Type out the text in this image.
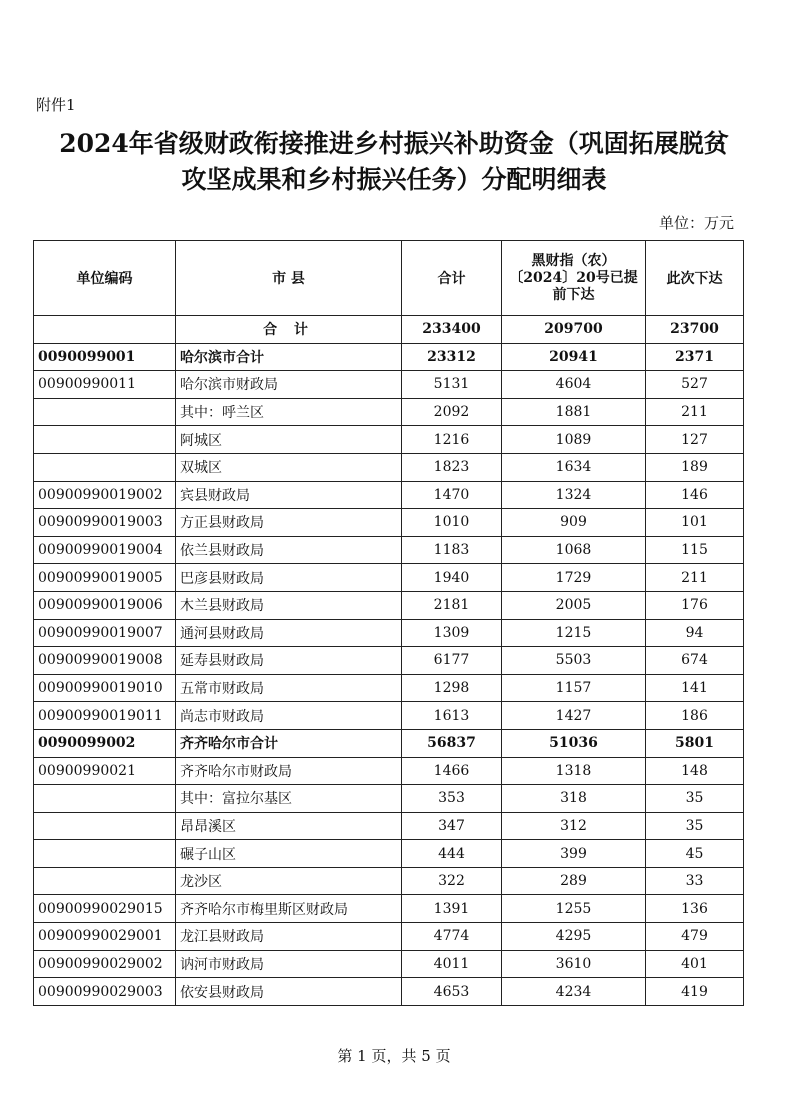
附件1
2024年省级财政衔接推进乡村振兴补助资金（巩固拓展脱贫
攻坚成果和乡村振兴任务）分配明细表
单位：万元
单位编码	市 县	合计	黑财指（农）〔2024〕20号已提前下达	此次下达
	合 计	233400	209700	23700
0090099001	哈尔滨市合计	23312	20941	2371
00900990011	哈尔滨市财政局	5131	4604	527
	其中：呼兰区	2092	1881	211
	阿城区	1216	1089	127
	双城区	1823	1634	189
00900990019002	宾县财政局	1470	1324	146
00900990019003	方正县财政局	1010	909	101
00900990019004	依兰县财政局	1183	1068	115
00900990019005	巴彦县财政局	1940	1729	211
00900990019006	木兰县财政局	2181	2005	176
00900990019007	通河县财政局	1309	1215	94
00900990019008	延寿县财政局	6177	5503	674
00900990019010	五常市财政局	1298	1157	141
00900990019011	尚志市财政局	1613	1427	186
0090099002	齐齐哈尔市合计	56837	51036	5801
00900990021	齐齐哈尔市财政局	1466	1318	148
	其中：富拉尔基区	353	318	35
	昂昂溪区	347	312	35
	碾子山区	444	399	45
	龙沙区	322	289	33
00900990029015	齐齐哈尔市梅里斯区财政局	1391	1255	136
00900990029001	龙江县财政局	4774	4295	479
00900990029002	讷河市财政局	4011	3610	401
00900990029003	依安县财政局	4653	4234	419
第 1 页，共 5 页
